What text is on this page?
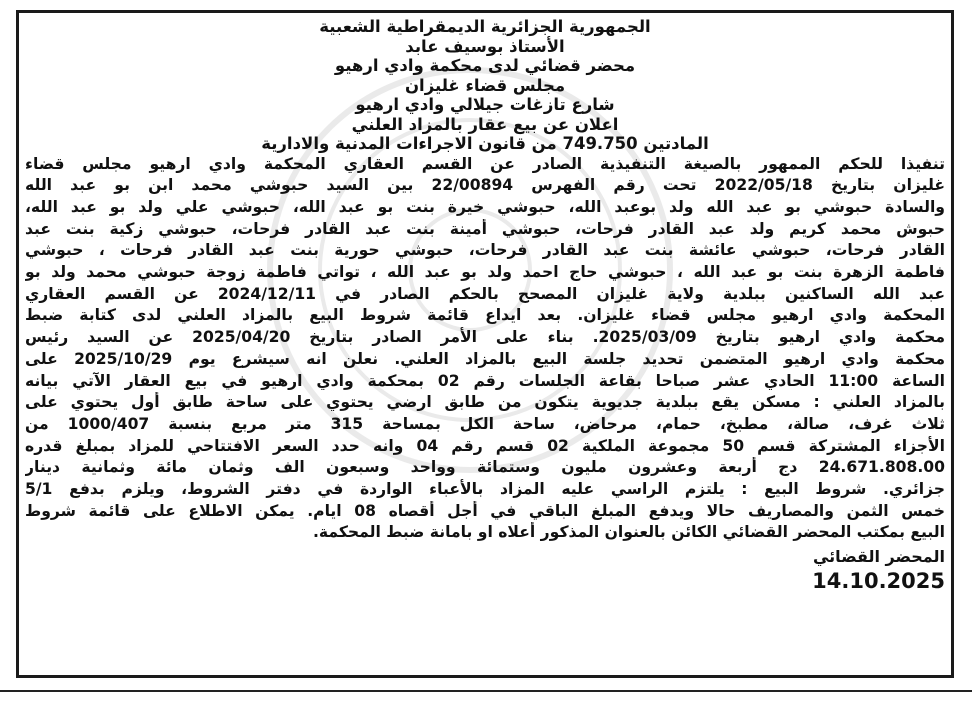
الجمهورية الجزائرية الديمقراطية الشعبية
الأستاذ بوسيف عابد
محضر قضائي لدى محكمة وادي ارهيو
مجلس قضاء غليزان
شارع تازغات جيلالي وادي ارهيو
اعلان عن بيع عقار بالمزاد العلني
المادتين 749.750 من قانون الاجراءات المدنية والادارية
تنفيذا للحكم الممهور بالصيغة التنفيذية الصادر عن القسم العقاري المحكمة وادي ارهيو مجلس قضاء
غليزان بتاريخ 2022/05/18 تحت رقم الفهرس 22/00894 بين السيد حبوشي محمد ابن بو عبد الله
والسادة حبوشي بو عبد الله ولد بوعبد الله، حبوشي خيرة بنت بو عبد الله، حبوشي علي ولد بو عبد الله،
حبوش محمد كريم ولد عبد القادر فرحات، حبوشي أمينة بنت عبد القادر فرحات، حبوشي زكية بنت عبد
القادر فرحات، حبوشي عائشة بنت عبد القادر فرحات، حبوشي حورية بنت عبد القادر فرحات ، حبوشي
فاطمة الزهرة بنت بو عبد الله ، حبوشي حاج احمد ولد بو عبد الله ، تواتي فاطمة زوجة حبوشي محمد ولد بو
عبد الله الساكنين ببلدية ولاية غليزان المصحح بالحكم الصادر في 2024/12/11 عن القسم العقاري
المحكمة وادي ارهيو مجلس قضاء غليزان. بعد ايداع قائمة شروط البيع بالمزاد العلني لدى كتابة ضبط
محكمة وادي ارهيو بتاريخ 2025/03/09. بناء على الأمر الصادر بتاريخ 2025/04/20 عن السيد رئيس
محكمة وادي ارهيو المتضمن تحديد جلسة البيع بالمزاد العلني. نعلن انه سيشرع يوم 2025/10/29 على
الساعة 11:00 الحادي عشر صباحا بقاعة الجلسات رقم 02 بمحكمة وادي ارهيو في بيع العقار الآتي بيانه
بالمزاد العلني : مسكن يقع ببلدية جديوية يتكون من طابق ارضي يحتوي على ساحة طابق أول يحتوي على
ثلاث غرف، صالة، مطبخ، حمام، مرحاض، ساحة الكل بمساحة 315 متر مربع بنسبة 1000/407 من
الأجزاء المشتركة قسم 50 مجموعة الملكية 02 قسم رقم 04 وانه حدد السعر الافتتاحي للمزاد بمبلغ قدره
24.671.808.00 دج أربعة وعشرون مليون وستمائة وواحد وسبعون الف وثمان مائة وثمانية دينار
جزائري. شروط البيع : يلتزم الراسي عليه المزاد بالأعباء الواردة في دفتر الشروط، ويلزم بدفع 5/1
خمس الثمن والمصاريف حالا ويدفع المبلغ الباقي في أجل أقصاه 08 ايام. يمكن الاطلاع على قائمة شروط
البيع بمكتب المحضر القضائي الكائن بالعنوان المذكور أعلاه او بامانة ضبط المحكمة.
المحضر القضائي
14.10.2025
